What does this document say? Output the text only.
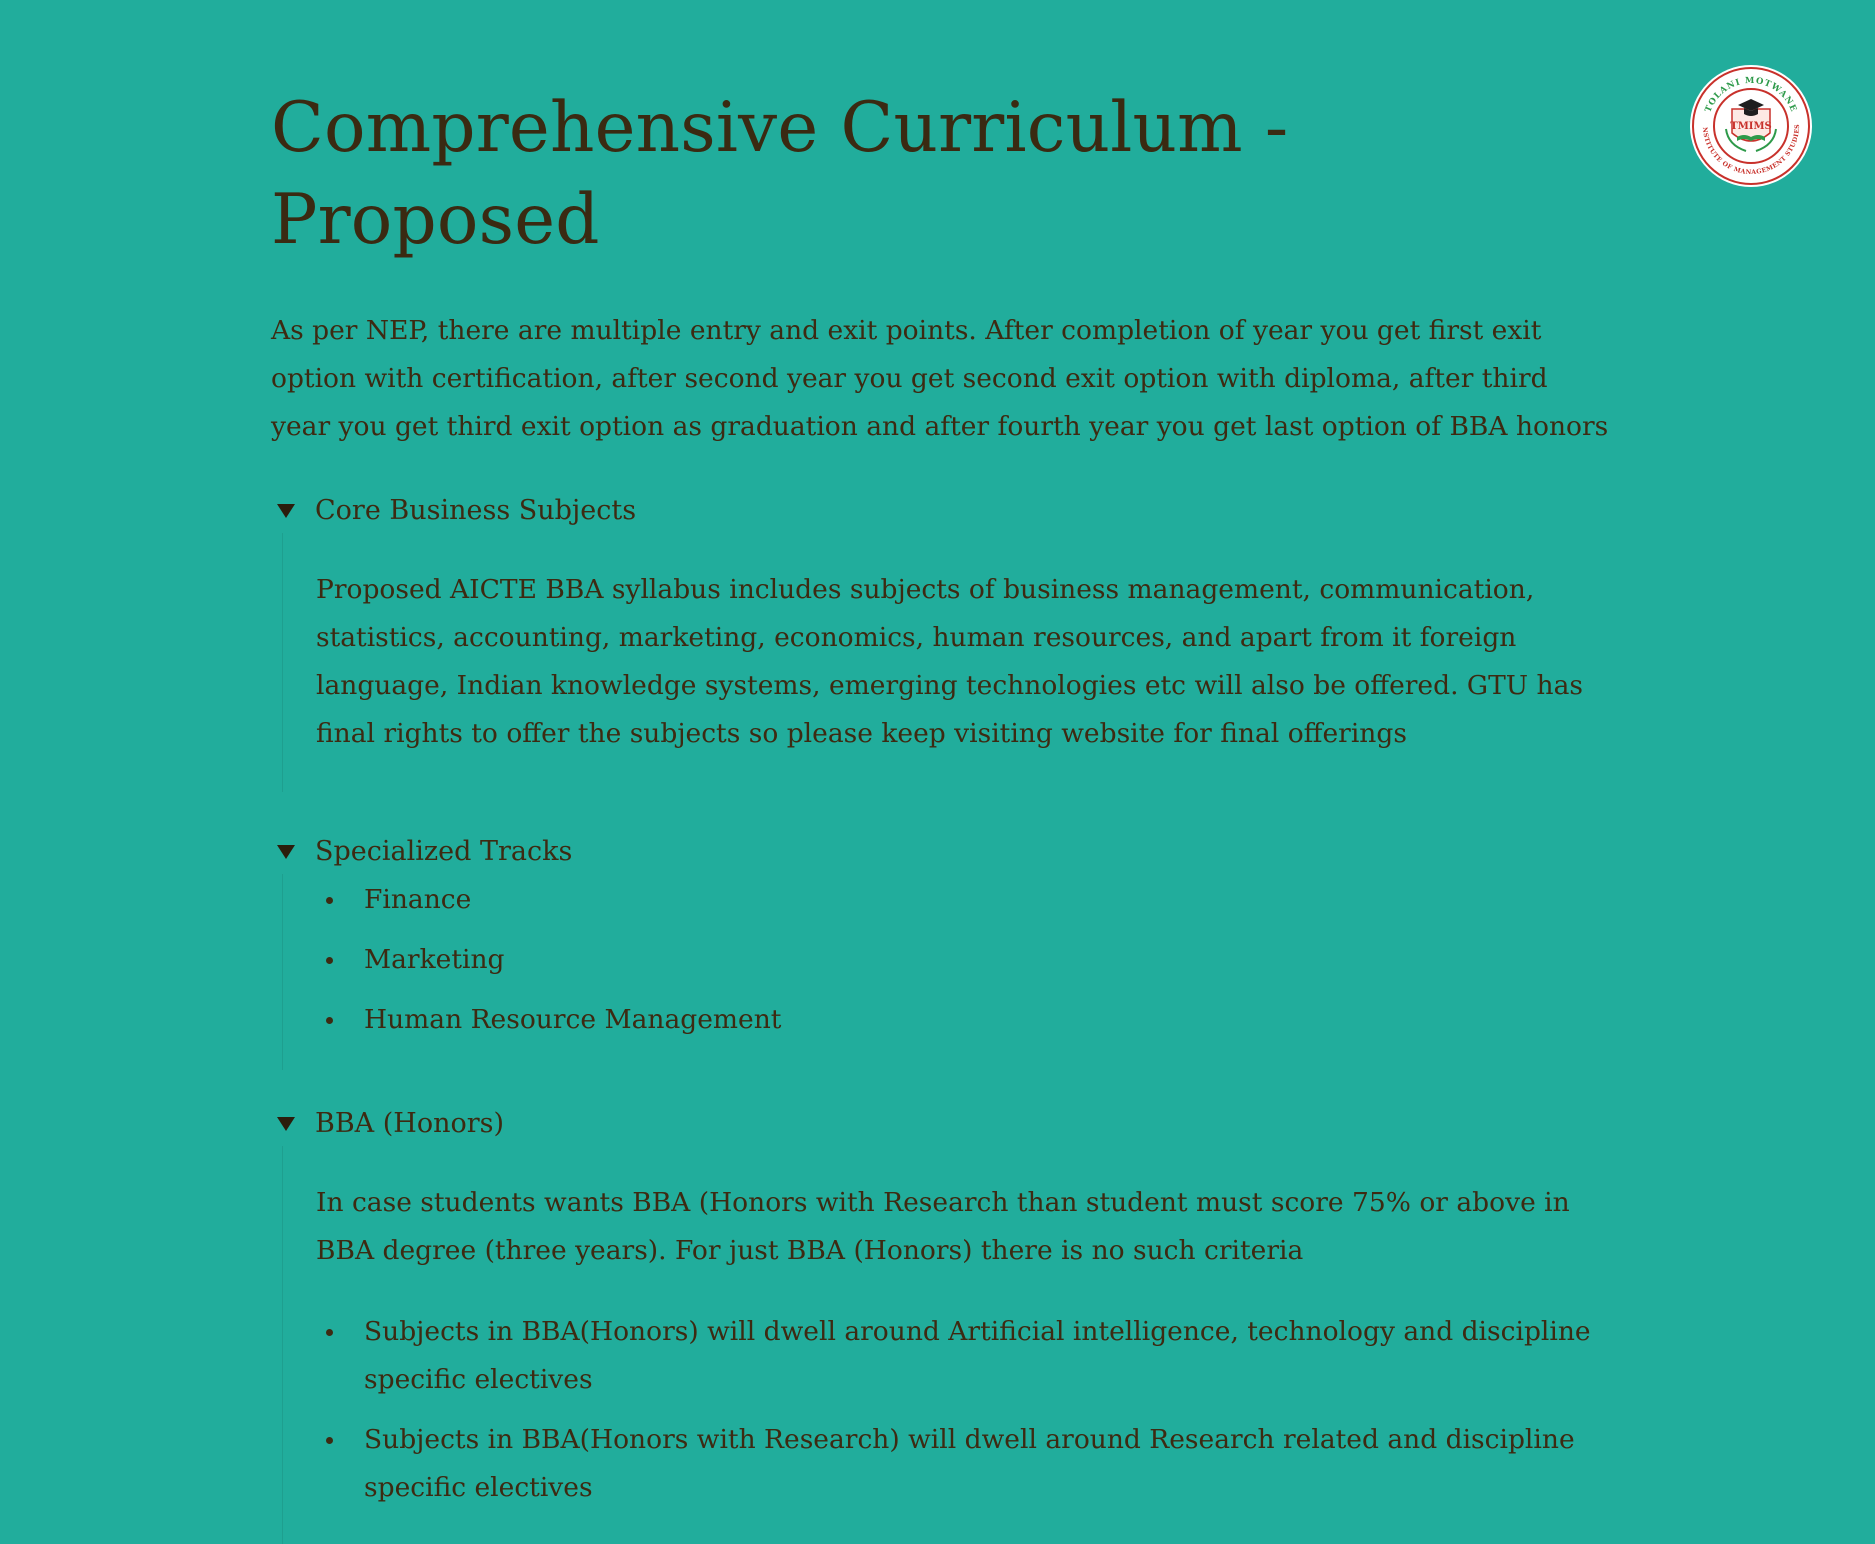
Comprehensive Curriculum - Proposed

As per NEP, there are multiple entry and exit points. After completion of year you get first exit option with certification, after second year you get second exit option with diploma, after third year you get third exit option as graduation and after fourth year you get last option of BBA honors

Core Business Subjects

Proposed AICTE BBA syllabus includes subjects of business management, communication, statistics, accounting, marketing, economics, human resources, and apart from it foreign language, Indian knowledge systems, emerging technologies etc will also be offered. GTU has final rights to offer the subjects so please keep visiting website for final offerings

Specialized Tracks
Finance
Marketing
Human Resource Management
BBA (Honors)

In case students wants BBA (Honors with Research than student must score 75% or above in BBA degree (three years). For just BBA (Honors) there is no such criteria

Subjects in BBA(Honors) will dwell around Artificial intelligence, technology and discipline specific electives
Subjects in BBA(Honors with Research) will dwell around Research related and discipline specific electives
TOLANI MOTWANE
NSTITUTE OF MANAGEMENT STUDIES
TMIMS
